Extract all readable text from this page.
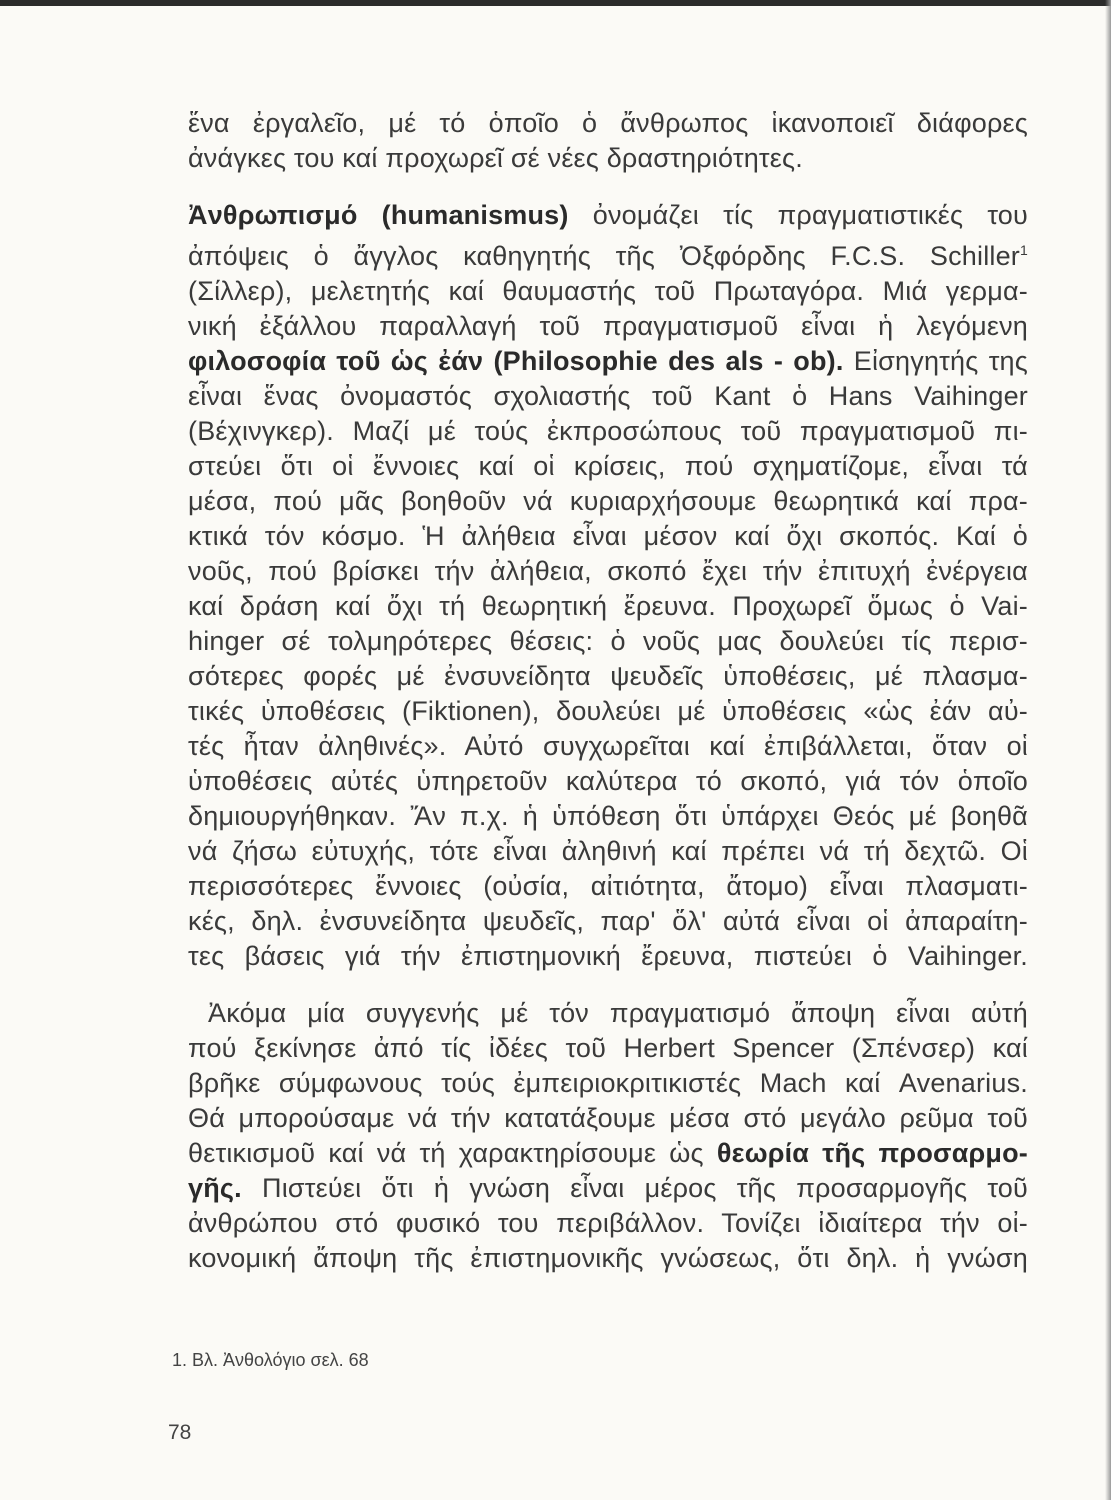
ἕνα ἐργαλεῖο, μέ τό ὁποῖο ὁ ἄνθρωπος ἱκανοποιεῖ διάφορες
ἀνάγκες του καί προχωρεῖ σέ νέες δραστηριότητες.
Ἀνθρωπισμό (humanismus) ὀνομάζει τίς πραγματιστικές του
ἀπόψεις ὁ ἄγγλος καθηγητής τῆς Ὀξφόρδης F.C.S. Schiller$^1$
(Σίλλερ), μελετητής καί θαυμαστής τοῦ Πρωταγόρα. Μιά γερμα-
νική ἐξάλλου παραλλαγή τοῦ πραγματισμοῦ εἶναι ἡ λεγόμενη
φιλοσοφία τοῦ ὡς ἐάν (Philosophie des als - ob). Εἰσηγητής της
εἶναι ἕνας ὀνομαστός σχολιαστής τοῦ Kant ὁ Hans Vaihinger
(Βέχινγκερ). Μαζί μέ τούς ἐκπροσώπους τοῦ πραγματισμοῦ πι-
στεύει ὅτι οἱ ἔννοιες καί οἱ κρίσεις, πού σχηματίζομε, εἶναι τά
μέσα, πού μᾶς βοηθοῦν νά κυριαρχήσουμε θεωρητικά καί πρα-
κτικά τόν κόσμο. Ἡ ἀλήθεια εἶναι μέσον καί ὄχι σκοπός. Καί ὁ
νοῦς, πού βρίσκει τήν ἀλήθεια, σκοπό ἔχει τήν ἐπιτυχή ἐνέργεια
καί δράση καί ὄχι τή θεωρητική ἔρευνα. Προχωρεῖ ὅμως ὁ Vai-
hinger σέ τολμηρότερες θέσεις: ὁ νοῦς μας δουλεύει τίς περισ-
σότερες φορές μέ ἐνσυνείδητα ψευδεῖς ὑποθέσεις, μέ πλασμα-
τικές ὑποθέσεις (Fiktionen), δουλεύει μέ ὑποθέσεις «ὡς ἐάν αὐ-
τές ἦταν ἀληθινές». Αὐτό συγχωρεῖται καί ἐπιβάλλεται, ὅταν οἱ
ὑποθέσεις αὐτές ὑπηρετοῦν καλύτερα τό σκοπό, γιά τόν ὁποῖο
δημιουργήθηκαν. Ἄν π.χ. ἡ ὑπόθεση ὅτι ὑπάρχει Θεός μέ βοηθᾶ
νά ζήσω εὐτυχής, τότε εἶναι ἀληθινή καί πρέπει νά τή δεχτῶ. Οἱ
περισσότερες ἔννοιες (οὐσία, αἰτιότητα, ἄτομο) εἶναι πλασματι-
κές, δηλ. ἐνσυνείδητα ψευδεῖς, παρ' ὅλ' αὐτά εἶναι οἱ ἀπαραίτη-
τες βάσεις γιά τήν ἐπιστημονική ἔρευνα, πιστεύει ὁ Vaihinger.
Ἀκόμα μία συγγενής μέ τόν πραγματισμό ἄποψη εἶναι αὐτή
πού ξεκίνησε ἀπό τίς ἰδέες τοῦ Herbert Spencer (Σπένσερ) καί
βρῆκε σύμφωνους τούς ἐμπειριοκριτικιστές Mach καί Avenarius.
Θά μπορούσαμε νά τήν κατατάξουμε μέσα στό μεγάλο ρεῦμα τοῦ
θετικισμοῦ καί νά τή χαρακτηρίσουμε ὡς θεωρία τῆς προσαρμο-
γῆς. Πιστεύει ὅτι ἡ γνώση εἶναι μέρος τῆς προσαρμογῆς τοῦ
ἀνθρώπου στό φυσικό του περιβάλλον. Τονίζει ἰδιαίτερα τήν οἰ-
κονομική ἄποψη τῆς ἐπιστημονικῆς γνώσεως, ὅτι δηλ. ἡ γνώση
1. Βλ. Ἀνθολόγιο σελ. 68
78
